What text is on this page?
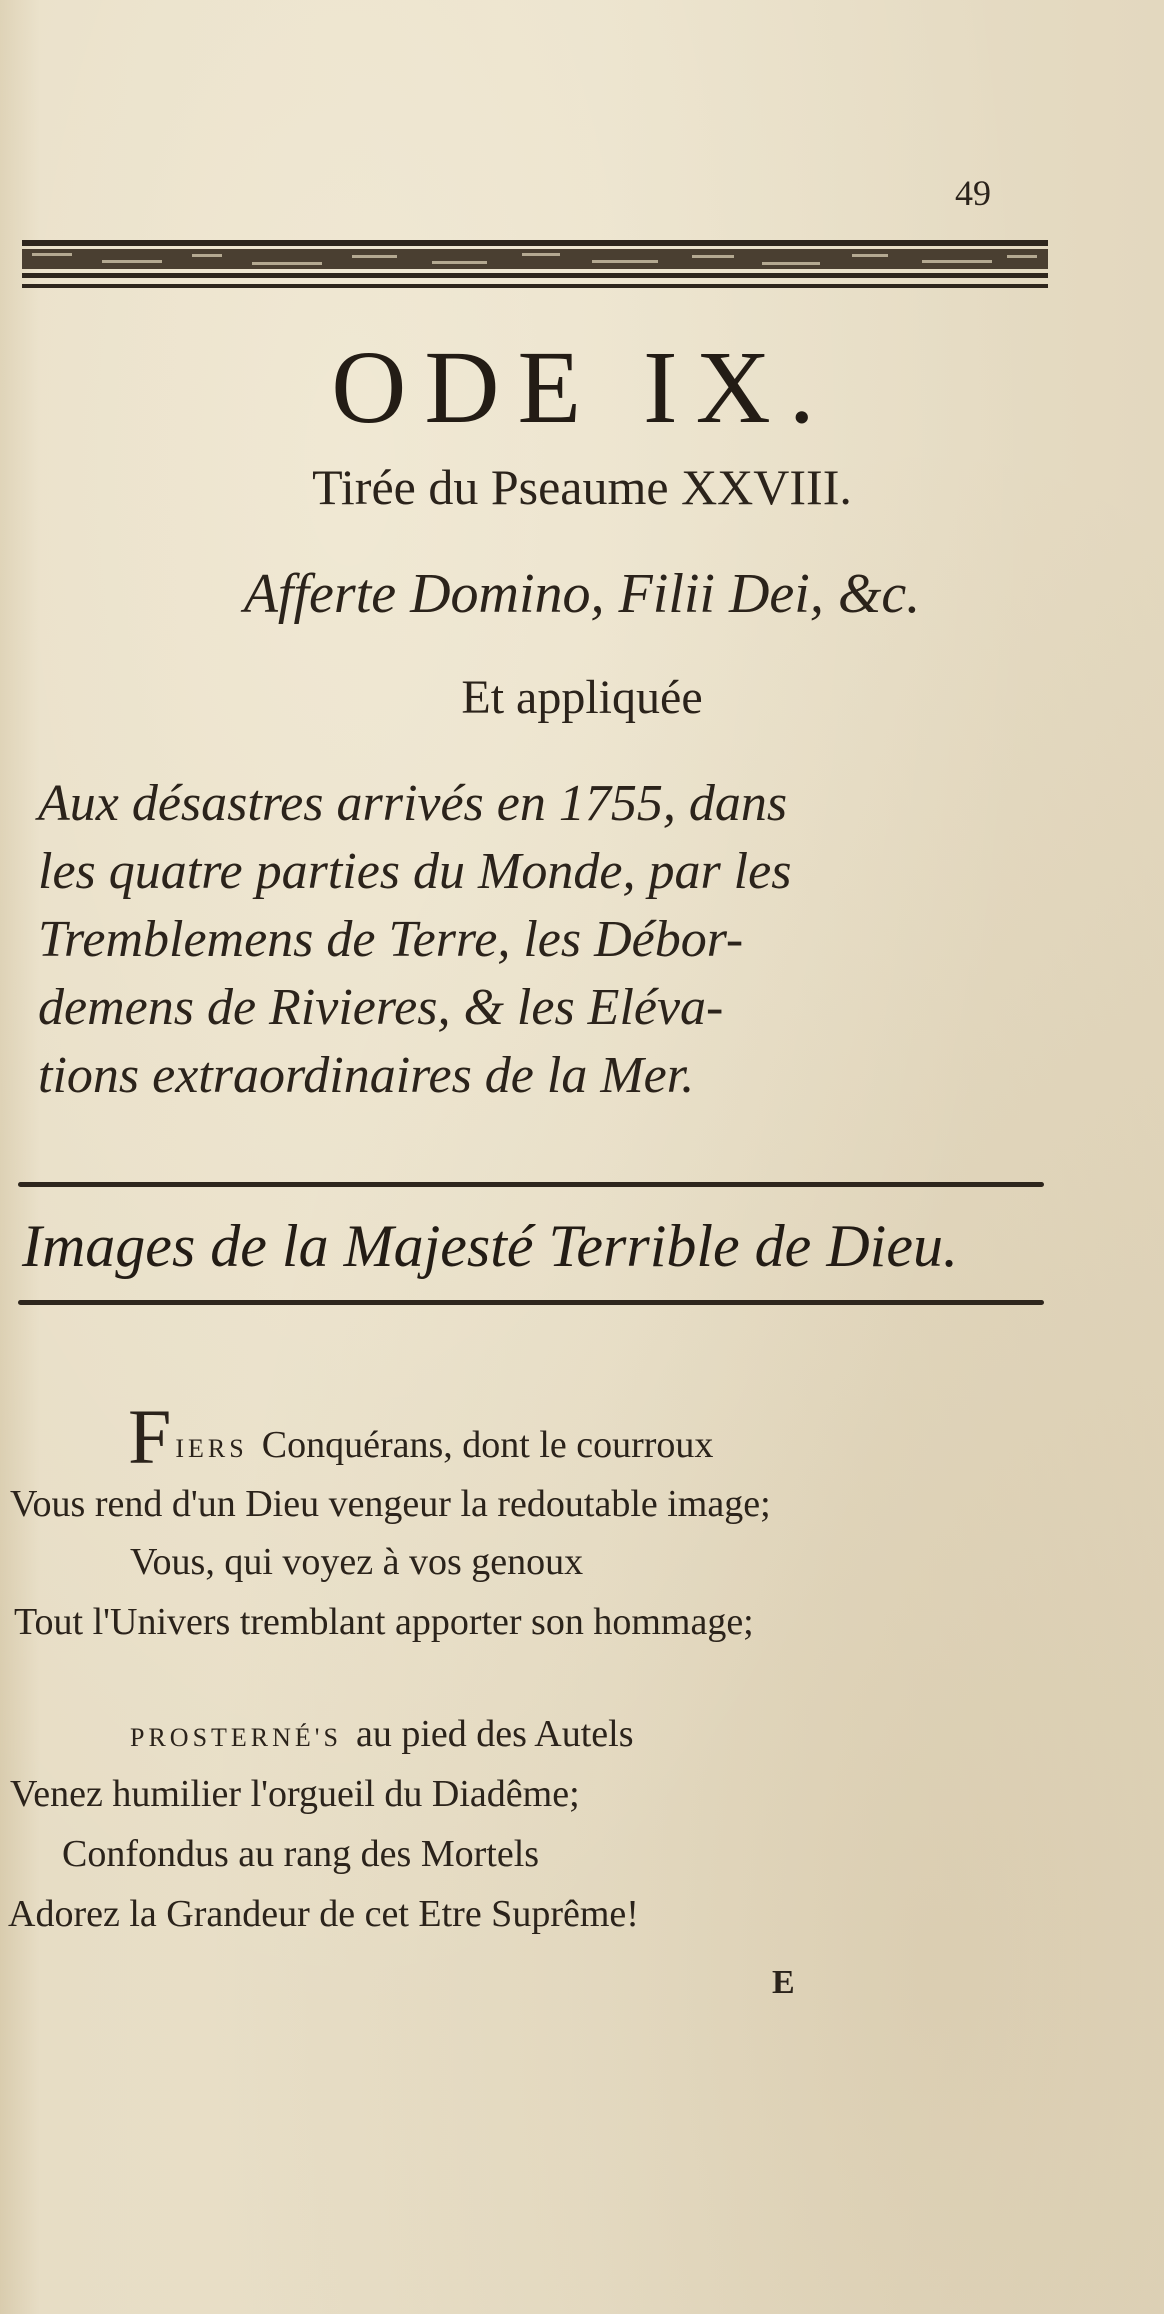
49
ODE IX.
Tirée du Pseaume XXVIII.
Afferte Domino, Filii Dei, &c.
Et appliquée
Aux désastres arrivés en 1755, dans
les quatre parties du Monde, par les
Tremblemens de Terre, les Débor-
demens de Rivieres, & les Eléva-
tions extraordinaires de la Mer.
Images de la Majesté Terrible de Dieu.
FIERS Conquérans, dont le courroux
Vous rend d'un Dieu vengeur la redoutable image;
Vous, qui voyez à vos genoux
Tout l'Univers tremblant apporter son hommage;
PROSTERNÉ'S au pied des Autels
Venez humilier l'orgueil du Diadême;
Confondus au rang des Mortels
Adorez la Grandeur de cet Etre Suprême!
E
